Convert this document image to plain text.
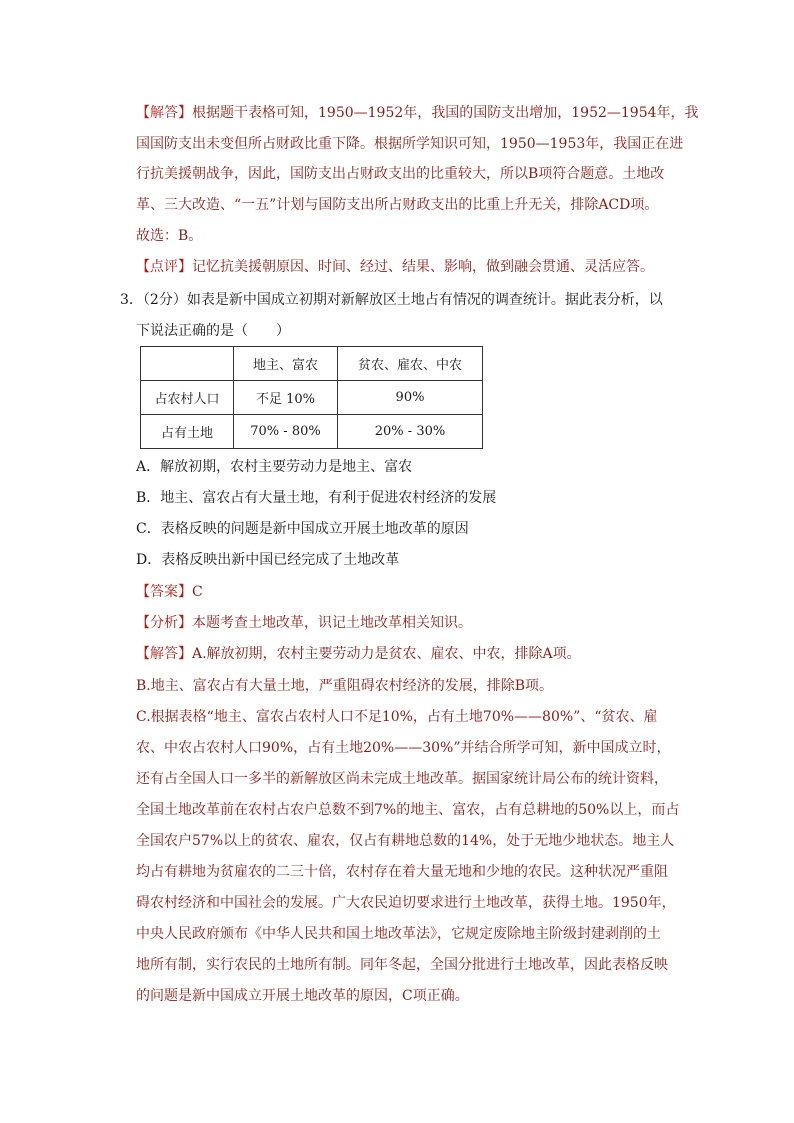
【解答】根据题干表格可知，1950—1952年，我国的国防支出增加，1952—1954年，我
国国防支出未变但所占财政比重下降。根据所学知识可知，1950—1953年，我国正在进
行抗美援朝战争，因此，国防支出占财政支出的比重较大，所以B项符合题意。土地改
革、三大改造、“一五”计划与国防支出所占财政支出的比重上升无关，排除ACD项。
故选：B。
【点评】记忆抗美援朝原因、时间、经过、结果、影响，做到融会贯通、灵活应答。
3．（2分）如表是新中国成立初期对新解放区土地占有情况的调查统计。据此表分析，以
下说法正确的是（　　）
	地主、富农	贫农、雇农、中农
占农村人口	不足 10%	90%
占有土地	70% - 80%	20% - 30%
A．解放初期，农村主要劳动力是地主、富农
B．地主、富农占有大量土地，有利于促进农村经济的发展
C．表格反映的问题是新中国成立开展土地改革的原因
D．表格反映出新中国已经完成了土地改革
【答案】C
【分析】本题考查土地改革，识记土地改革相关知识。
【解答】A.解放初期，农村主要劳动力是贫农、雇农、中农，排除A项。
B.地主、富农占有大量土地，严重阻碍农村经济的发展，排除B项。
C.根据表格“地主、富农占农村人口不足10%，占有土地70%——80%”、“贫农、雇
农、中农占农村人口90%，占有土地20%——30%”并结合所学可知，新中国成立时，
还有占全国人口一多半的新解放区尚未完成土地改革。据国家统计局公布的统计资料，
全国土地改革前在农村占农户总数不到7%的地主、富农，占有总耕地的50%以上，而占
全国农户57%以上的贫农、雇农，仅占有耕地总数的14%，处于无地少地状态。地主人
均占有耕地为贫雇农的二三十倍，农村存在着大量无地和少地的农民。这种状况严重阻
碍农村经济和中国社会的发展。广大农民迫切要求进行土地改革，获得土地。1950年，
中央人民政府颁布《中华人民共和国土地改革法》，它规定废除地主阶级封建剥削的土
地所有制，实行农民的土地所有制。同年冬起，全国分批进行土地改革，因此表格反映
的问题是新中国成立开展土地改革的原因，C项正确。
